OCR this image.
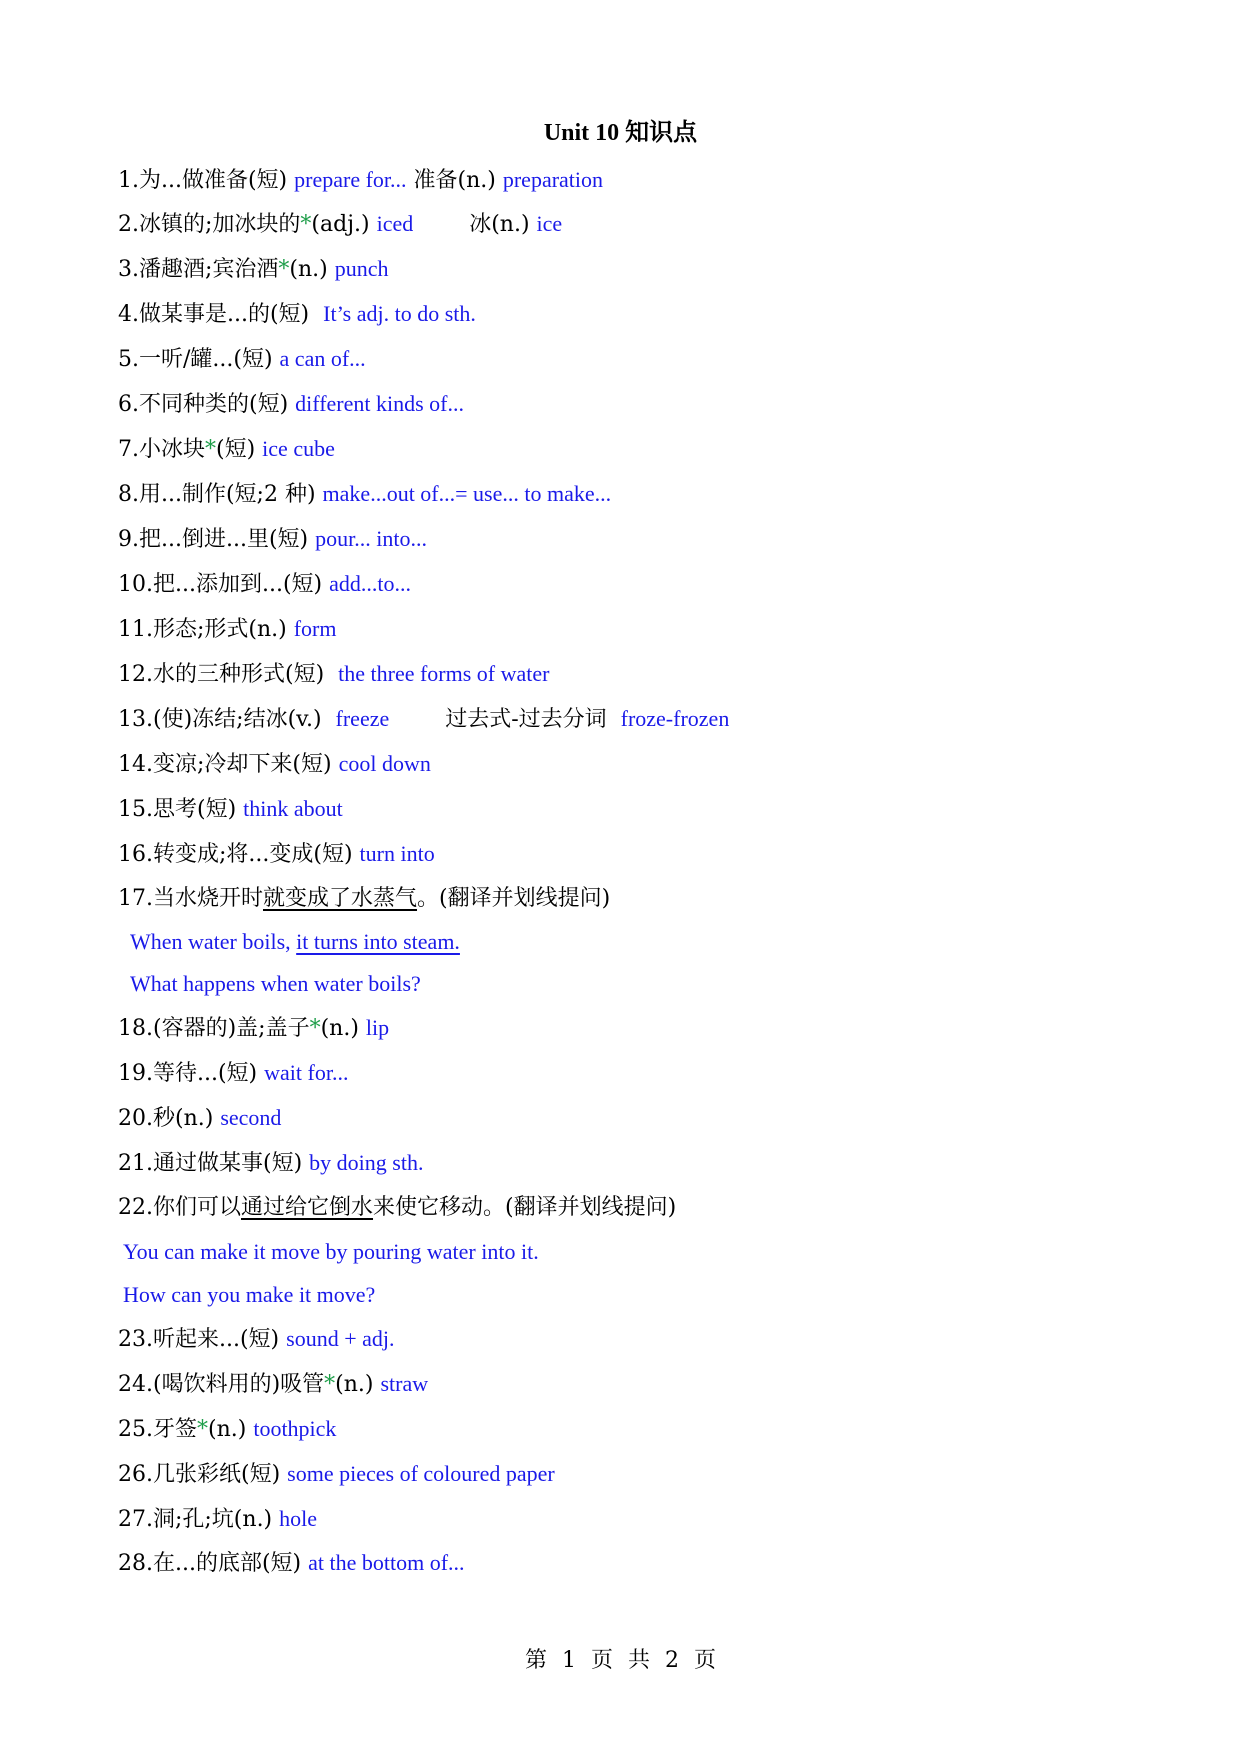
Unit 10 知识点
1.为...做准备(短) prepare for... 准备(n.) preparation
2.冰镇的;加冰块的*(adj.) iced        冰(n.) ice
3.潘趣酒;宾治酒*(n.) punch
4.做某事是...的(短)  It’s adj. to do sth.
5.一听/罐...(短) a can of...
6.不同种类的(短) different kinds of...
7.小冰块*(短) ice cube
8.用...制作(短;2 种) make...out of...= use... to make...
9.把...倒进...里(短) pour... into...
10.把...添加到...(短) add...to...
11.形态;形式(n.) form
12.水的三种形式(短)  the three forms of water
13.(使)冻结;结冰(v.)  freeze        过去式-过去分词  froze-frozen
14.变凉;冷却下来(短) cool down
15.思考(短) think about
16.转变成;将...变成(短) turn into
17.当水烧开时就变成了水蒸气。(翻译并划线提问)
When water boils, it turns into steam.
What happens when water boils?
18.(容器的)盖;盖子*(n.) lip
19.等待...(短) wait for...
20.秒(n.) second
21.通过做某事(短) by doing sth.
22.你们可以通过给它倒水来使它移动。(翻译并划线提问)
You can make it move by pouring water into it.
How can you make it move?
23.听起来...(短) sound + adj.
24.(喝饮料用的)吸管*(n.) straw
25.牙签*(n.) toothpick
26.几张彩纸(短) some pieces of coloured paper
27.洞;孔;坑(n.) hole
28.在...的底部(短) at the bottom of...
第 1 页 共 2 页
